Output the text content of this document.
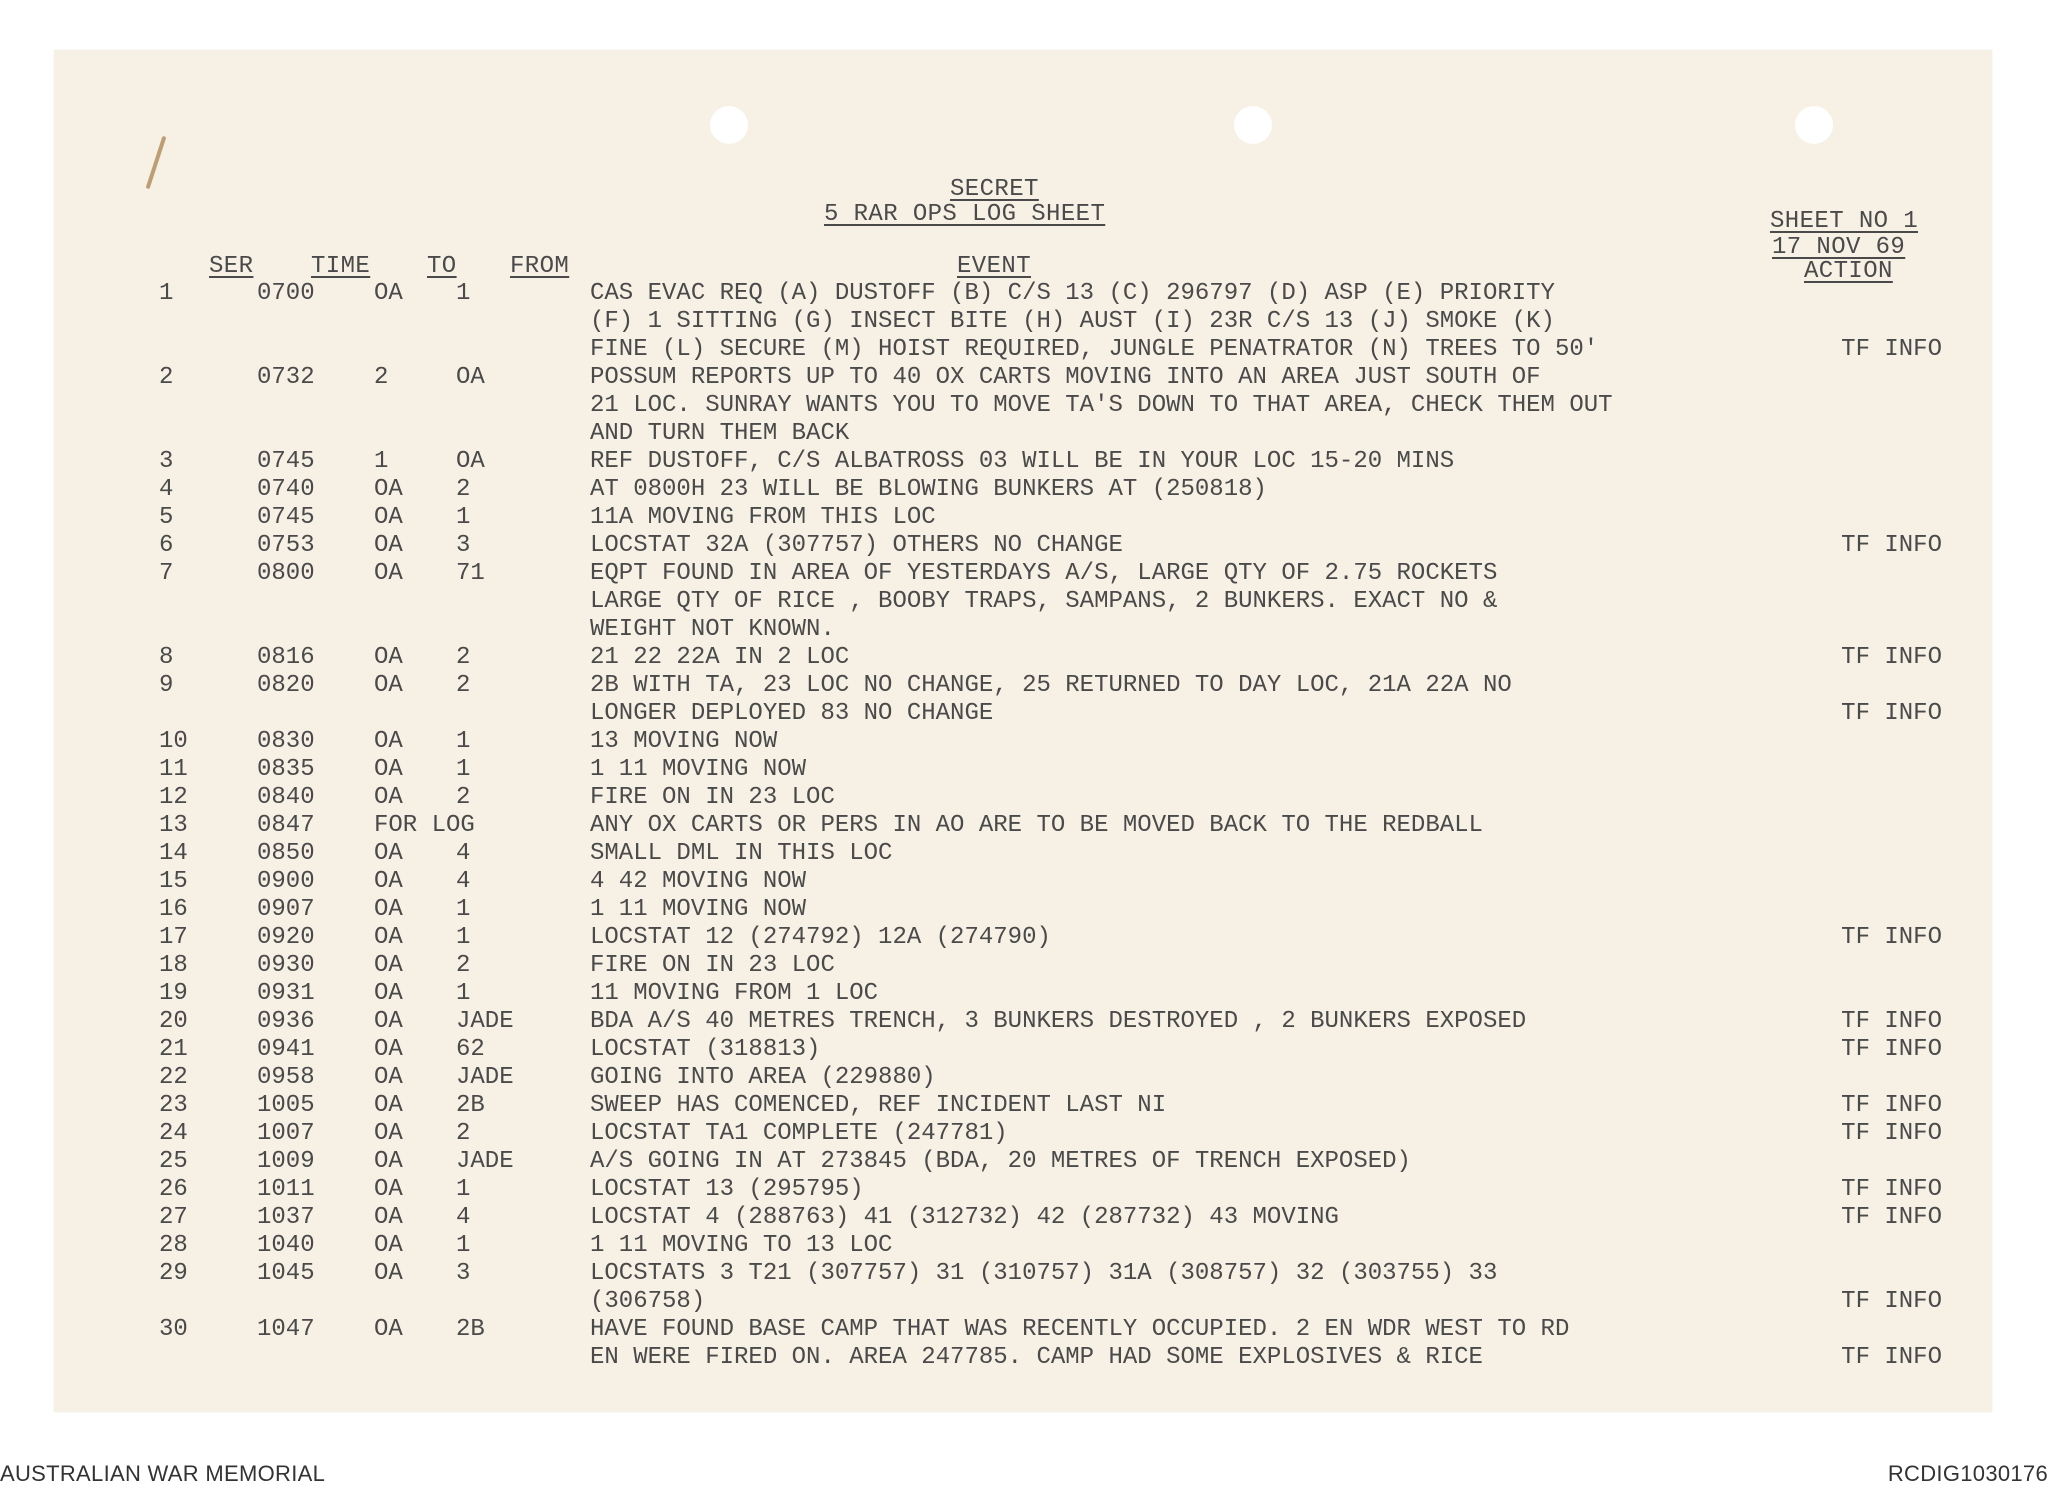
SECRET
5 RAR OPS LOG SHEET	SHEET NO 1
17 NOV 69
SER TIME TO FROM	EVENT	ACTION
1	0700 OA 1	CAS EVAC REQ (A) DUSTOFF (B) C/S 13 (C) 296797 (D) ASP (E) PRIORITY
(F) 1 SITTING (G) INSECT BITE (H) AUST (I) 23R C/S 13 (J) SMOKE (K)
FINE (L) SECURE (M) HOIST REQUIRED, JUNGLE PENATRATOR (N) TREES TO 50'	TF INFO
2	0732 2	OA	POSSUM REPORTS UP TO 40 OX CARTS MOVING INTO AN AREA JUST SOUTH OF
21 LOC. SUNRAY WANTS YOU TO MOVE TA'S DOWN TO THAT AREA, CHECK THEM OUT
AND TURN THEM BACK
3	0745 1	OA	REF DUSTOFF, C/S ALBATROSS 03 WILL BE IN YOUR LOC 15-20 MINS
4	0740 OA 2	AT 0800H 23 WILL BE BLOWING BUNKERS AT (250818)
5	0745 OA 1	11A MOVING FROM THIS LOC
6	0753 OA 3	LOCSTAT 32A (307757) OTHERS NO CHANGE	TF INFO
7	0800 OA 71	EQPT FOUND IN AREA OF YESTERDAYS A/S, LARGE QTY OF 2.75 ROCKETS
LARGE QTY OF RICE , BOOBY TRAPS, SAMPANS, 2 BUNKERS. EXACT NO &
WEIGHT NOT KNOWN.
8	0816 OA 2	21 22 22A IN 2 LOC	TF INFO
9	0820 OA 2	2B WITH TA, 23 LOC NO CHANGE, 25 RETURNED TO DAY LOC, 21A 22A NO
LONGER DEPLOYED 83 NO CHANGE	TF INFO
10	0830 OA 1	13 MOVING NOW
11	0835 OA 1	1 11 MOVING NOW
12	0840 OA 2	FIRE ON IN 23 LOC
13	0847 FOR LOG	ANY OX CARTS OR PERS IN AO ARE TO BE MOVED BACK TO THE REDBALL
14	0850 OA 4	SMALL DML IN THIS LOC
15	0900 OA 4	4 42 MOVING NOW
16	0907 OA 1	1 11 MOVING NOW
17	0920 OA 1	LOCSTAT 12 (274792) 12A (274790)	TF INFO
18	0930 OA 2	FIRE ON IN 23 LOC
19	0931 OA 1	11 MOVING FROM 1 LOC
20	0936 OA JADE	BDA A/S 40 METRES TRENCH, 3 BUNKERS DESTROYED , 2 BUNKERS EXPOSED	TF INFO
21	0941 OA 62	LOCSTAT (318813)	TF INFO
22	0958 OA JADE	GOING INTO AREA (229880)
23	1005 OA 2B	SWEEP HAS COMENCED, REF INCIDENT LAST NI	TF INFO
24	1007 OA 2	LOCSTAT TA1 COMPLETE (247781)	TF INFO
25	1009 OA JADE	A/S GOING IN AT 273845 (BDA, 20 METRES OF TRENCH EXPOSED)
26	1011 OA 1	LOCSTAT 13 (295795)	TF INFO
27	1037 OA 4	LOCSTAT 4 (288763) 41 (312732) 42 (287732) 43 MOVING	TF INFO
28	1040 OA 1	1 11 MOVING TO 13 LOC
29	1045 OA 3	LOCSTATS 3 T21 (307757) 31 (310757) 31A (308757) 32 (303755) 33
(306758)	TF INFO
30	1047 OA 2B	HAVE FOUND BASE CAMP THAT WAS RECENTLY OCCUPIED. 2 EN WDR WEST TO RD
EN WERE FIRED ON. AREA 247785. CAMP HAD SOME EXPLOSIVES & RICE	TF INFO
AUSTRALIAN WAR MEMORIAL	RCDIG1030176
